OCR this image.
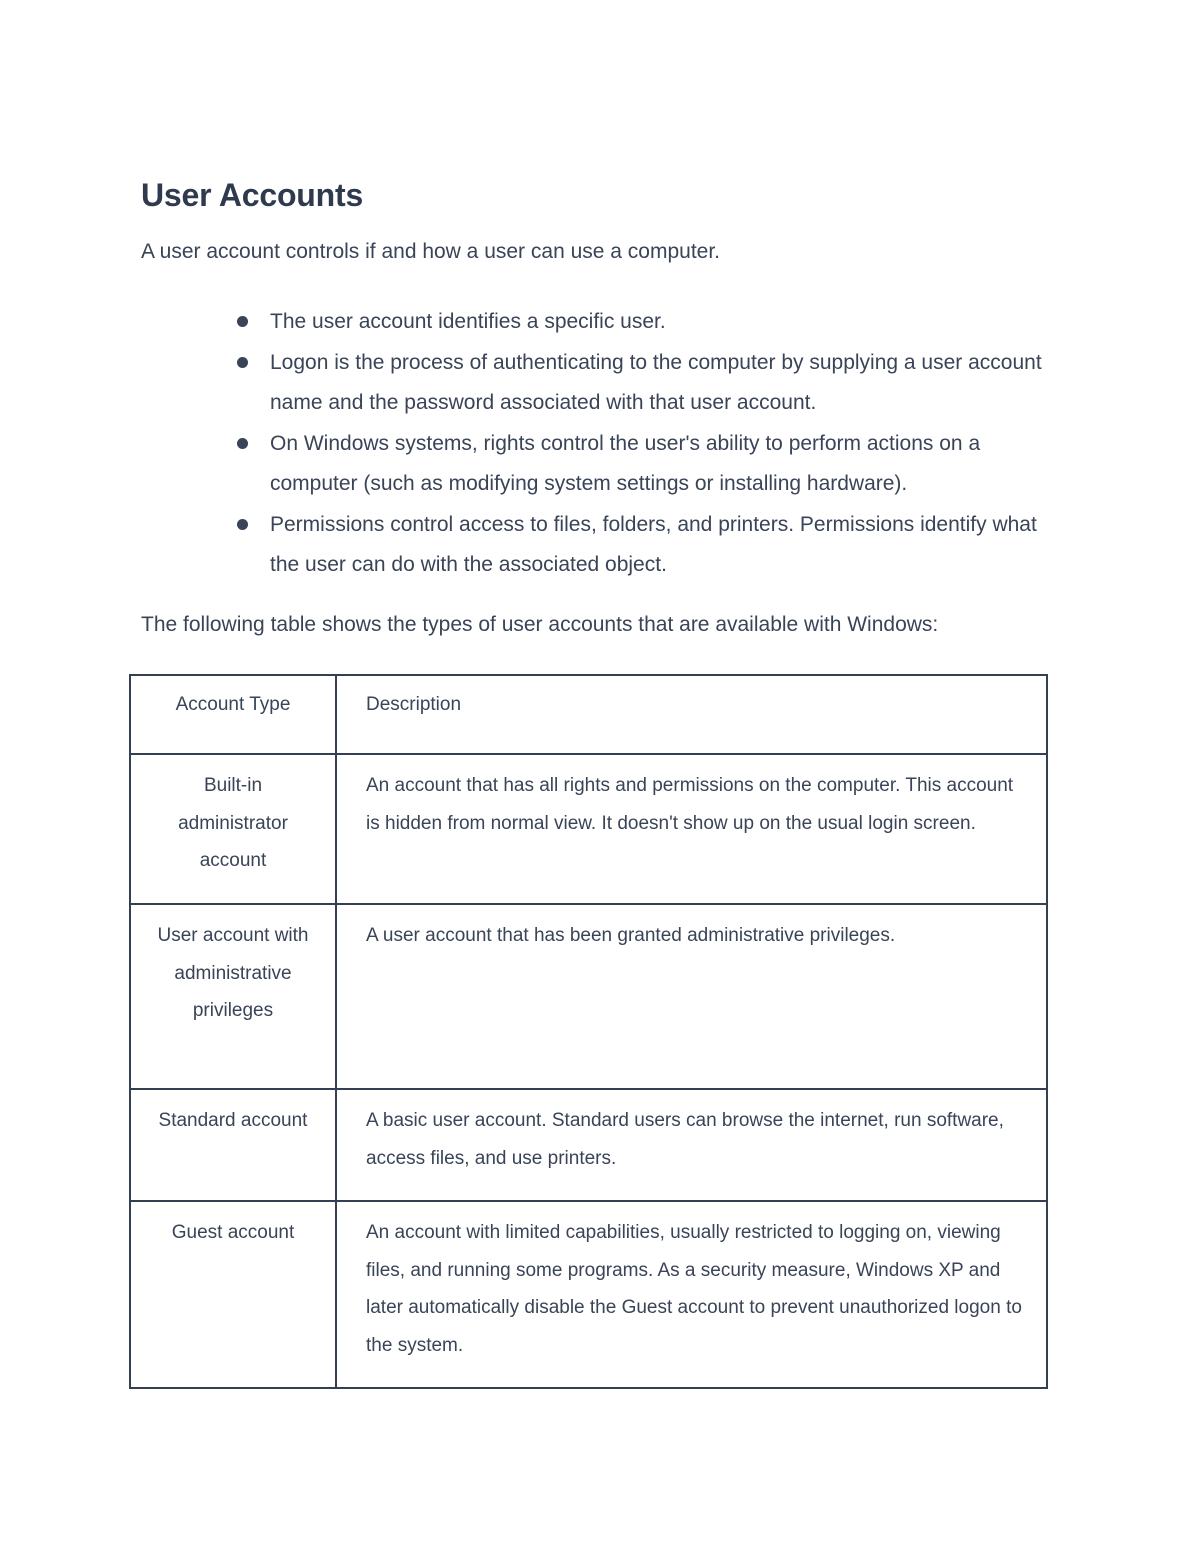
User Accounts

A user account controls if and how a user can use a computer.

The user account identifies a specific user.
Logon is the process of authenticating to the computer by supplying a user account name and the password associated with that user account.
On Windows systems, rights control the user's ability to perform actions on a computer (such as modifying system settings or installing hardware).
Permissions control access to files, folders, and printers. Permissions identify what the user can do with the associated object.

The following table shows the types of user accounts that are available with Windows:

Account Type	Description
Built-in administrator account	An account that has all rights and permissions on the computer. This account is hidden from normal view. It doesn't show up on the usual login screen.
User account with administrative privileges	A user account that has been granted administrative privileges.
Standard account	A basic user account. Standard users can browse the internet, run software, access files, and use printers.
Guest account	An account with limited capabilities, usually restricted to logging on, viewing files, and running some programs. As a security measure, Windows XP and later automatically disable the Guest account to prevent unauthorized logon to the system.
